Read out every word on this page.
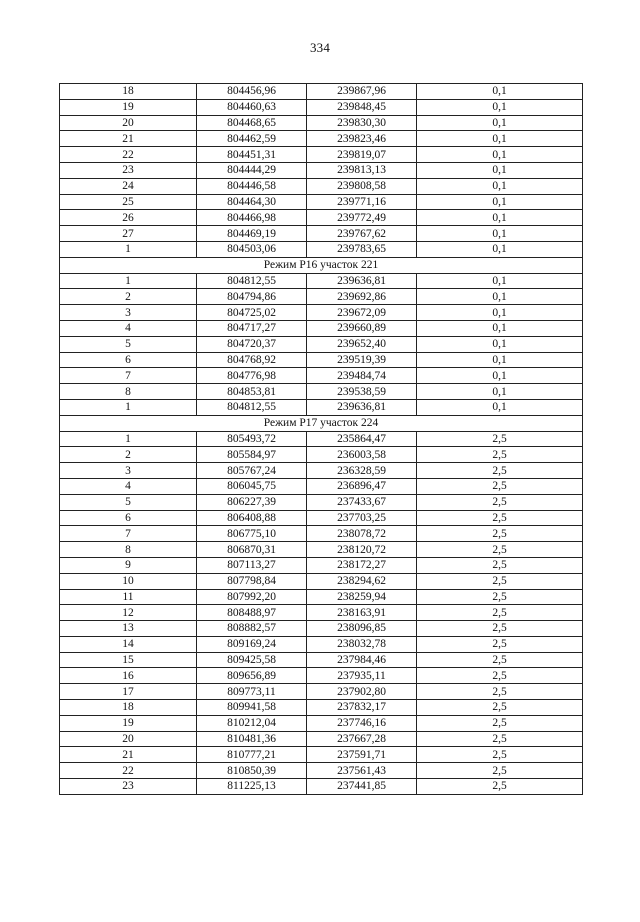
334
18	804456,96	239867,96	0,1
19	804460,63	239848,45	0,1
20	804468,65	239830,30	0,1
21	804462,59	239823,46	0,1
22	804451,31	239819,07	0,1
23	804444,29	239813,13	0,1
24	804446,58	239808,58	0,1
25	804464,30	239771,16	0,1
26	804466,98	239772,49	0,1
27	804469,19	239767,62	0,1
1	804503,06	239783,65	0,1
Режим Р16 участок 221			
1	804812,55	239636,81	0,1
2	804794,86	239692,86	0,1
3	804725,02	239672,09	0,1
4	804717,27	239660,89	0,1
5	804720,37	239652,40	0,1
6	804768,92	239519,39	0,1
7	804776,98	239484,74	0,1
8	804853,81	239538,59	0,1
1	804812,55	239636,81	0,1
Режим Р17 участок 224			
1	805493,72	235864,47	2,5
2	805584,97	236003,58	2,5
3	805767,24	236328,59	2,5
4	806045,75	236896,47	2,5
5	806227,39	237433,67	2,5
6	806408,88	237703,25	2,5
7	806775,10	238078,72	2,5
8	806870,31	238120,72	2,5
9	807113,27	238172,27	2,5
10	807798,84	238294,62	2,5
11	807992,20	238259,94	2,5
12	808488,97	238163,91	2,5
13	808882,57	238096,85	2,5
14	809169,24	238032,78	2,5
15	809425,58	237984,46	2,5
16	809656,89	237935,11	2,5
17	809773,11	237902,80	2,5
18	809941,58	237832,17	2,5
19	810212,04	237746,16	2,5
20	810481,36	237667,28	2,5
21	810777,21	237591,71	2,5
22	810850,39	237561,43	2,5
23	811225,13	237441,85	2,5
